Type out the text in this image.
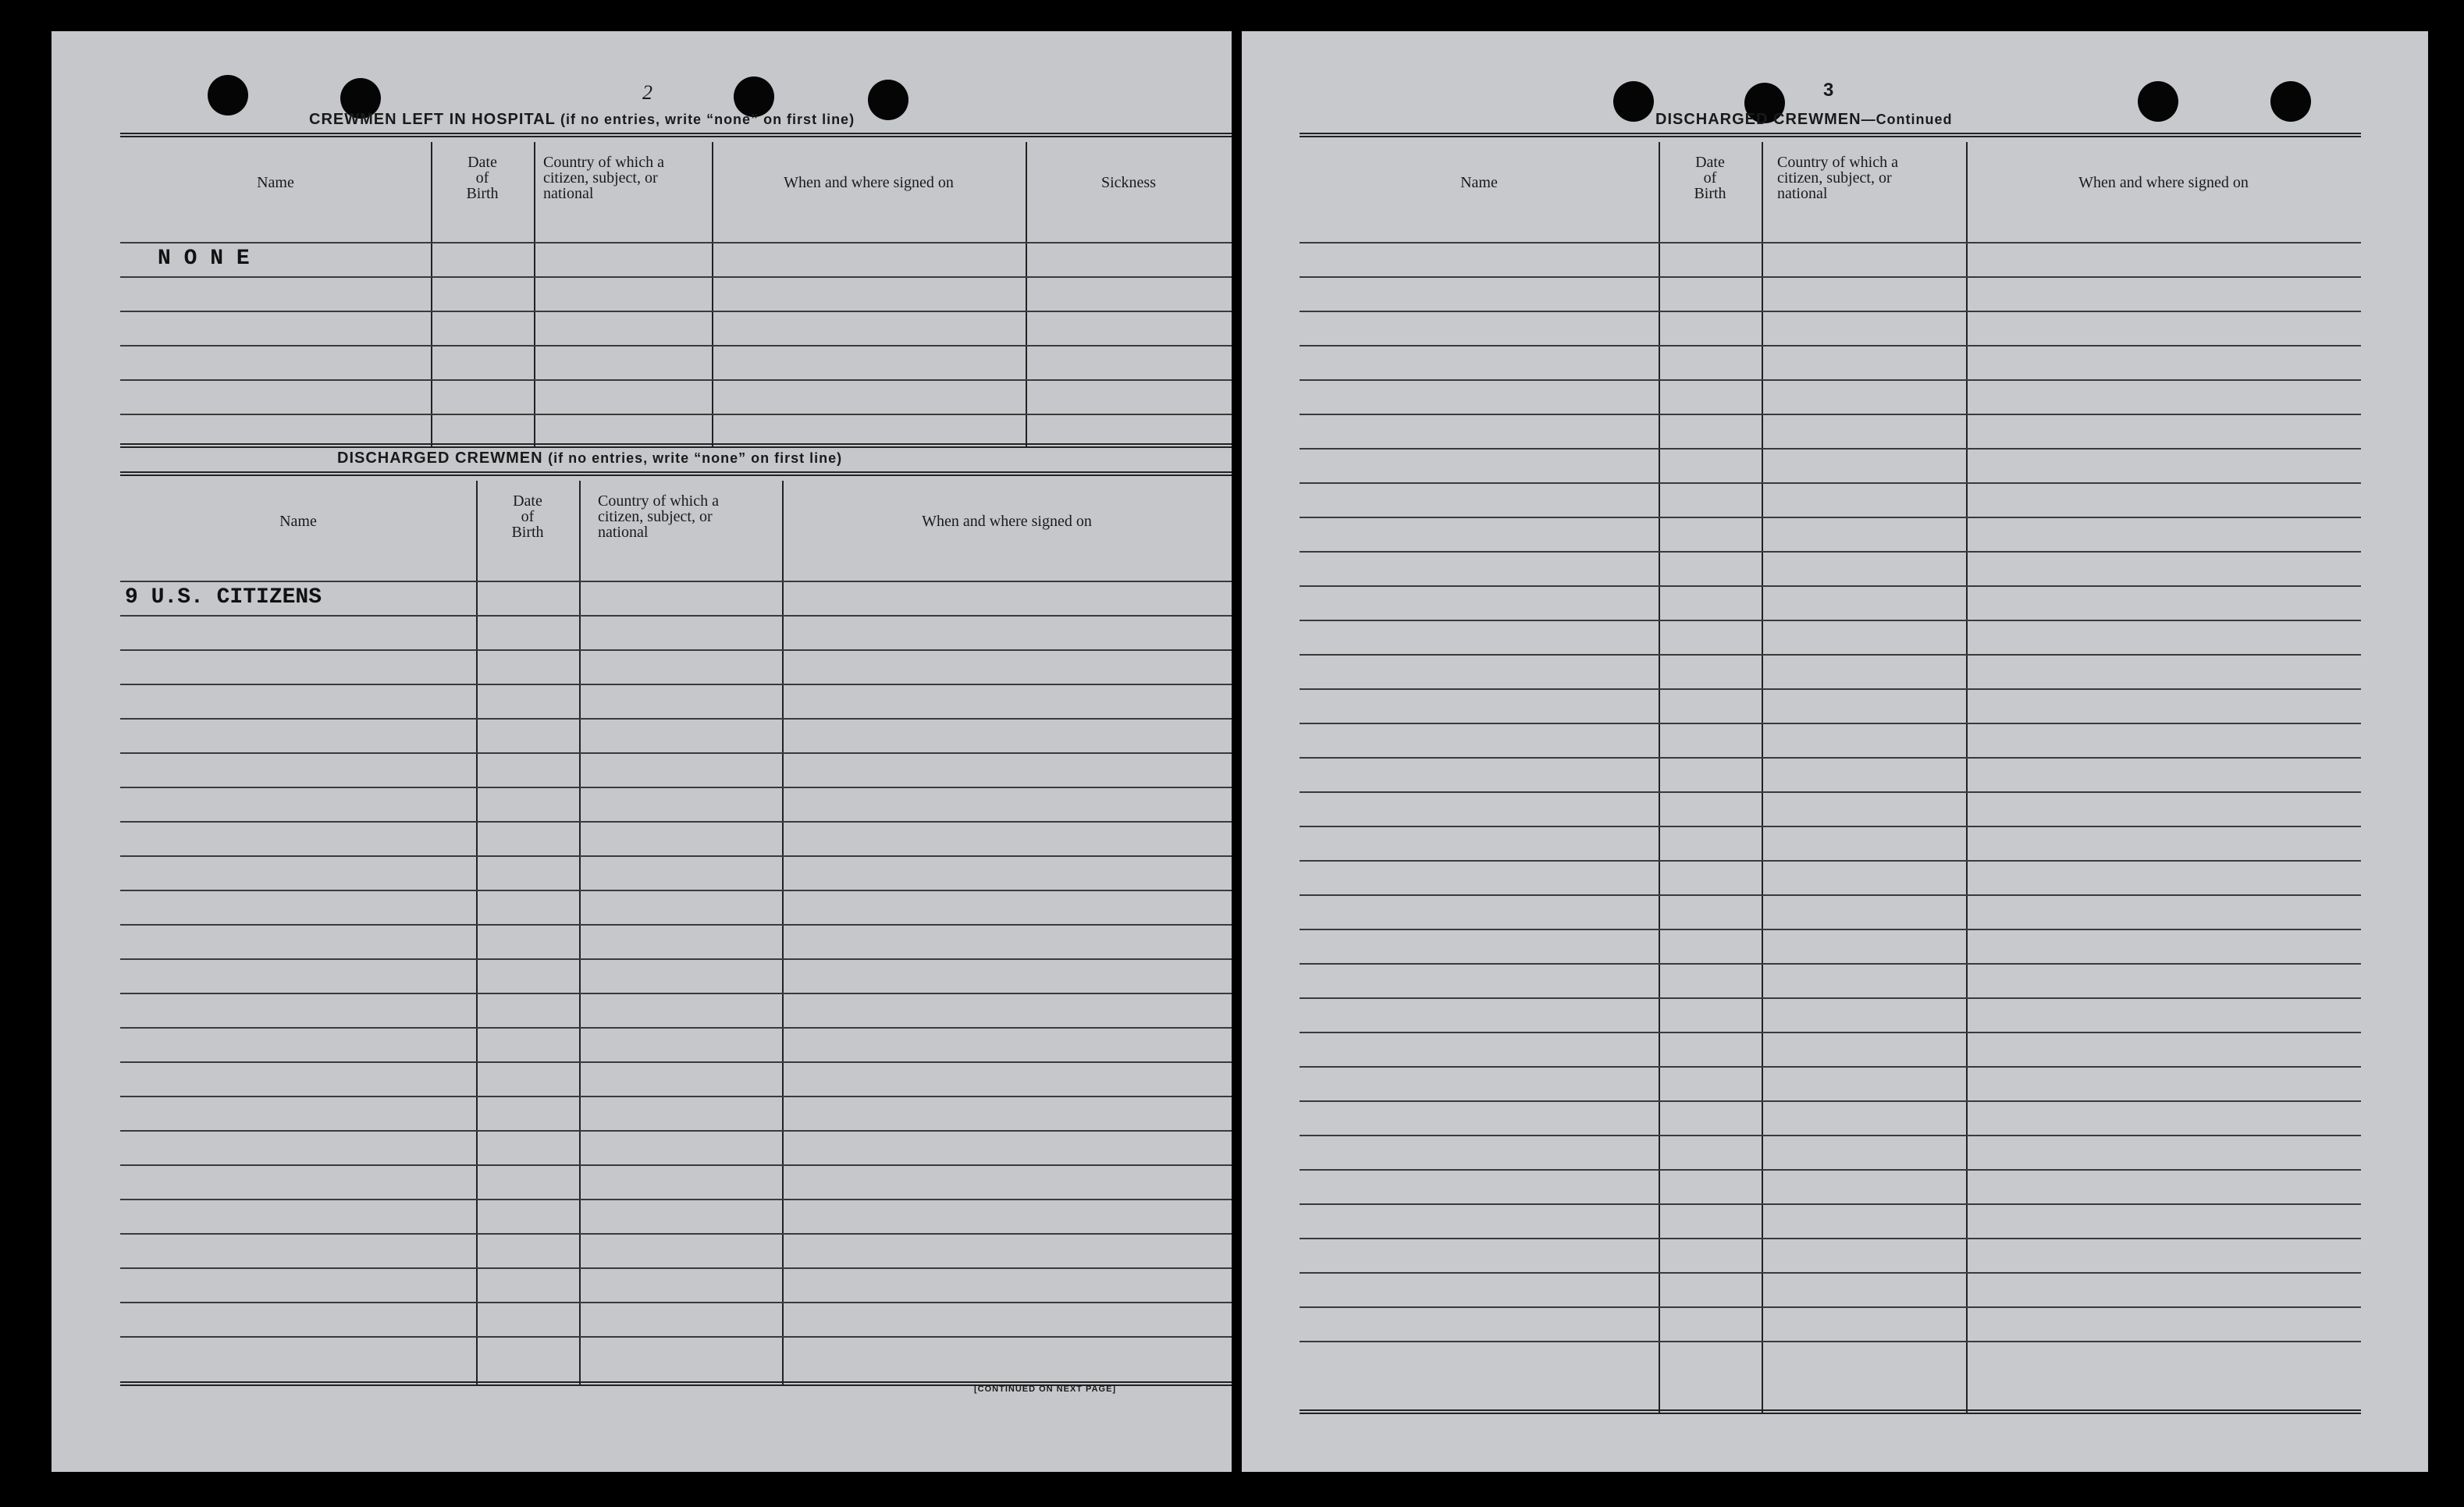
2
CREWMEN LEFT IN HOSPITAL (if no entries, write “none” on first line)
Name
Date
of
Birth
Country of which a
citizen, subject, or
national
When and where signed on	Sickness
N O N E
DISCHARGED CREWMEN (if no entries, write “none” on first line)
Name
Date
of
Birth
Country of which a
citizen, subject, or
national
When and where signed on
9 U.S. CITIZENS
[CONTINUED ON NEXT PAGE]
3
DISCHARGED CREWMEN—Continued
Name
Date
of
Birth
Country of which a
citizen, subject, or
national
When and where signed on
